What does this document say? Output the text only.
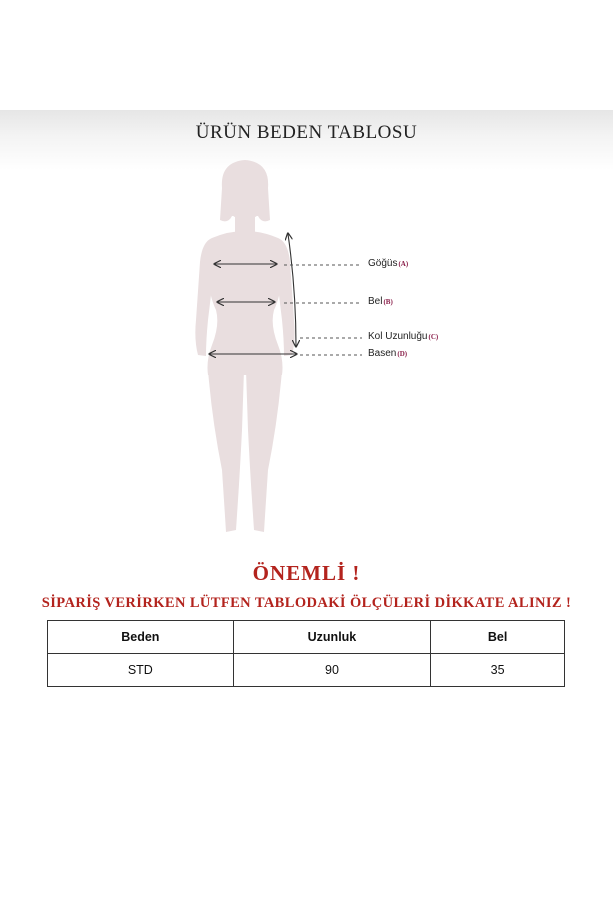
ÜRÜN BEDEN TABLOSU
Göğüs(A)
Bel(B)
Kol Uzunluğu(C)
Basen(D)
ÖNEMLİ !
SİPARİŞ VERİRKEN LÜTFEN TABLODAKİ ÖLÇÜLERİ DİKKATE ALINIZ !
Beden	Uzunluk	Bel
STD	90	35
